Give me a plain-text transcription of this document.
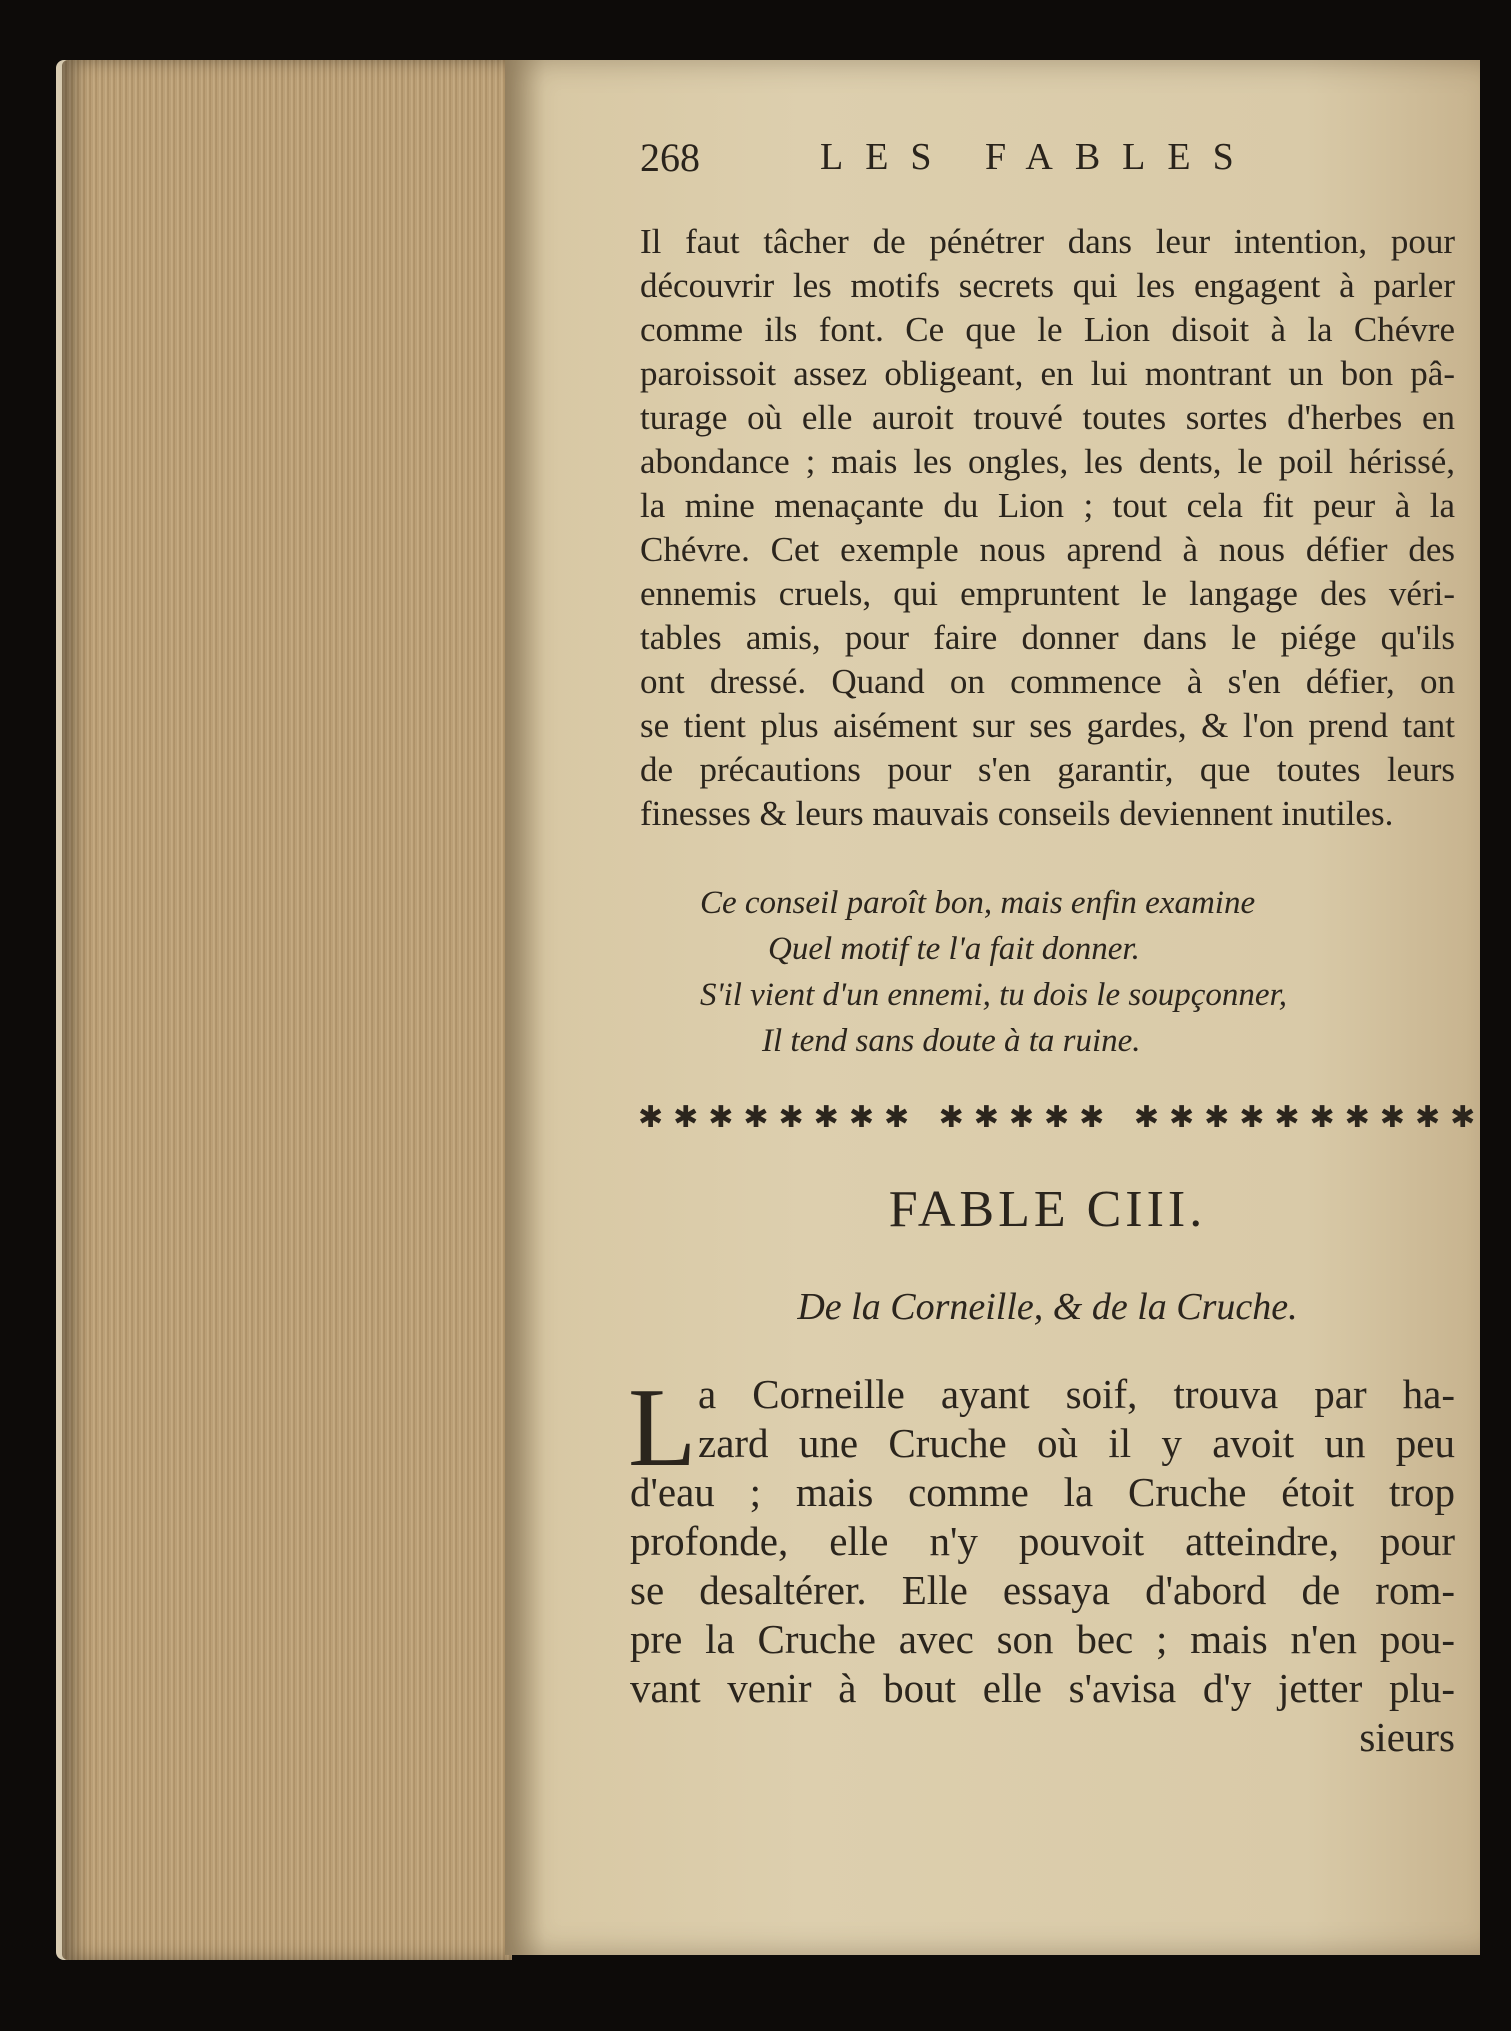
268	LES FABLES
Il faut tâcher de pénétrer dans leur intention, pour
découvrir les motifs secrets qui les engagent à parler
comme ils font. Ce que le Lion disoit à la Chévre
paroissoit assez obligeant, en lui montrant un bon pâ-
turage où elle auroit trouvé toutes sortes d'herbes en
abondance ; mais les ongles, les dents, le poil hérissé,
la mine menaçante du Lion ; tout cela fit peur à la
Chévre. Cet exemple nous aprend à nous défier des
ennemis cruels, qui empruntent le langage des véri-
tables amis, pour faire donner dans le piége qu'ils
ont dressé. Quand on commence à s'en défier, on
se tient plus aisément sur ses gardes, & l'on prend tant
de précautions pour s'en garantir, que toutes leurs
finesses & leurs mauvais conseils deviennent inutiles.
Ce conseil paroît bon, mais enfin examine
Quel motif te l'a fait donner.
S'il vient d'un ennemi, tu dois le soupçonner,
Il tend sans doute à ta ruine.
✱✱✱✱✱✱✱✱ ✱✱✱✱✱ ✱✱✱✱✱✱✱✱✱✱
FABLE CIII.
De la Corneille, & de la Cruche.
L a Corneille ayant soif, trouva par ha-
zard une Cruche où il y avoit un peu
d'eau ; mais comme la Cruche étoit trop
profonde, elle n'y pouvoit atteindre, pour
se desaltérer. Elle essaya d'abord de rom-
pre la Cruche avec son bec ; mais n'en pou-
vant venir à bout elle s'avisa d'y jetter plu-
sieurs
